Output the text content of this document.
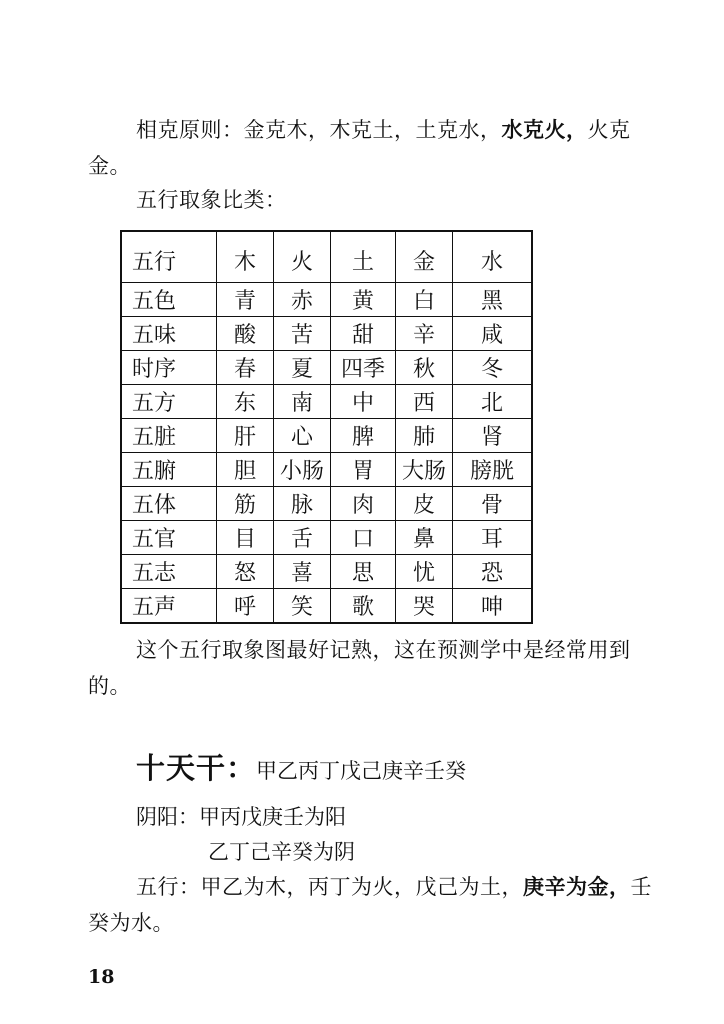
相克原则：金克木，木克土，土克水，水克火，火克金。

五行取象比类：

五行	木	火	土	金	水
五色	青	赤	黄	白	黑
五味	酸	苦	甜	辛	咸
时序	春	夏	四季	秋	冬
五方	东	南	中	西	北
五脏	肝	心	脾	肺	肾
五腑	胆	小肠	胃	大肠	膀胱
五体	筋	脉	肉	皮	骨
五官	目	舌	口	鼻	耳
五志	怒	喜	思	忧	恐
五声	呼	笑	歌	哭	呻

这个五行取象图最好记熟，这在预测学中是经常用到的。

十天干：甲乙丙丁戊己庚辛壬癸

阴阳：甲丙戊庚壬为阳

乙丁己辛癸为阴

五行：甲乙为木，丙丁为火，戊己为土，庚辛为金，壬癸为水。

18
